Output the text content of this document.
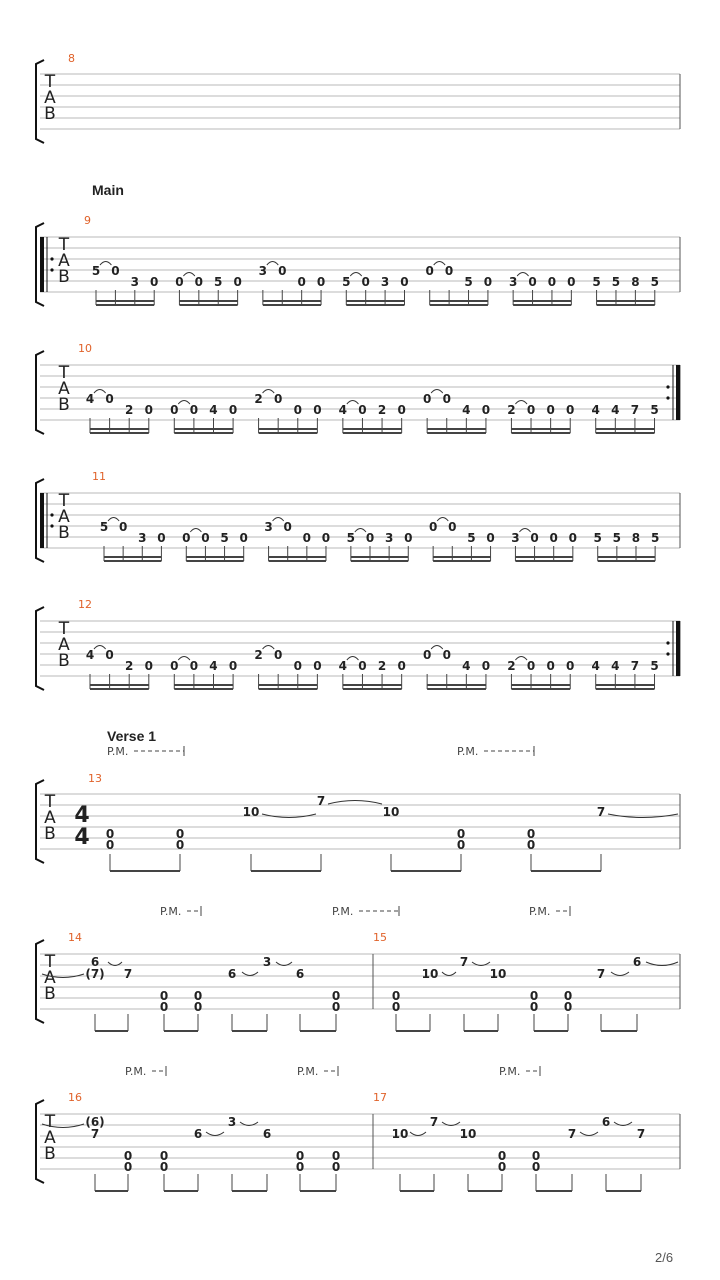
T
A
B
8
T
A
B
9
5 0
3 0 0 0 5 0
3 0
0 0 5 0 3 0
0 0
5 0 3 0 0 0 5 5 8 5
T
A
B
10
4 0
2 0 0 0 4 0
2 0
0 0 4 0 2 0
0 0
4 0 2 0 0 0 4 4 7 5
T
A
B
11
5 0
3 0 0 0 5 0
3 0
0 0 5 0 3 0
0 0
5 0 3 0 0 0 5 5 8 5
T
A
B
12
4 0
2 0 0 0 4 0
2 0
0 0 4 0 2 0
0 0
4 0 2 0 0 0 4 4 7 5
T
A
B
13
4
4
P.M.	P.M.
0
0
0
0
10
7
10
0
0
0
0
7
P.M.	P.M.	P.M.
T
A
B
14	15
6
(7) 7
0
0
0
0
6
3
6
0
0
10
7
10
0
0
0
0
0
0
7
6
P.M.	P.M.	P.M.
T
A
B
16	17
(6)
7
0
0
0
0
6
3
6
0
0
0
0
10
7
10
0
0
0
0
7
6
7
Main
Verse 1
2/6
